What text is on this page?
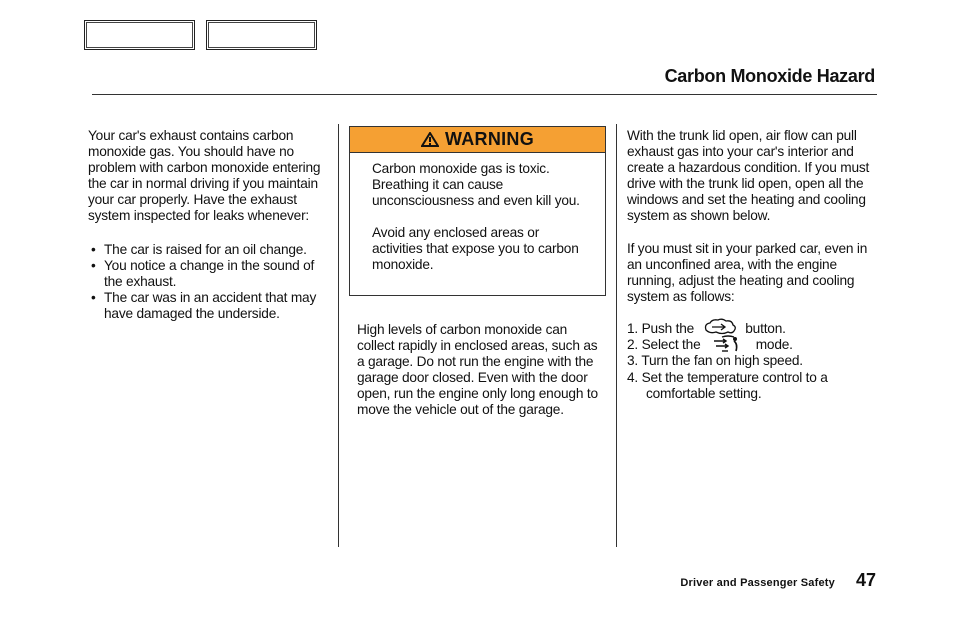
Carbon Monoxide Hazard

Your car's exhaust contains carbon monoxide gas. You should have no problem with carbon monoxide entering the car in normal driving if you maintain your car properly. Have the exhaust system inspected for leaks whenever:

• The car is raised for an oil change.
• You notice a change in the sound of the exhaust.
• The car was in an accident that may have damaged the underside.
WARNING

Carbon monoxide gas is toxic. Breathing it can cause unconsciousness and even kill you.

Avoid any enclosed areas or activities that expose you to carbon monoxide.

High levels of carbon monoxide can collect rapidly in enclosed areas, such as a garage. Do not run the engine with the garage door closed. Even with the door open, run the engine only long enough to move the vehicle out of the garage.

With the trunk lid open, air flow can pull exhaust gas into your car's interior and create a hazardous condition. If you must drive with the trunk lid open, open all the windows and set the heating and cooling system as shown below.

If you must sit in your parked car, even in an unconfined area, with the engine running, adjust the heating and cooling system as follows:

1. Push the	button.
2. Select the	mode.
3. Turn the fan on high speed.
4. Set the temperature control to a
comfortable setting.
Driver and Passenger Safety 47
